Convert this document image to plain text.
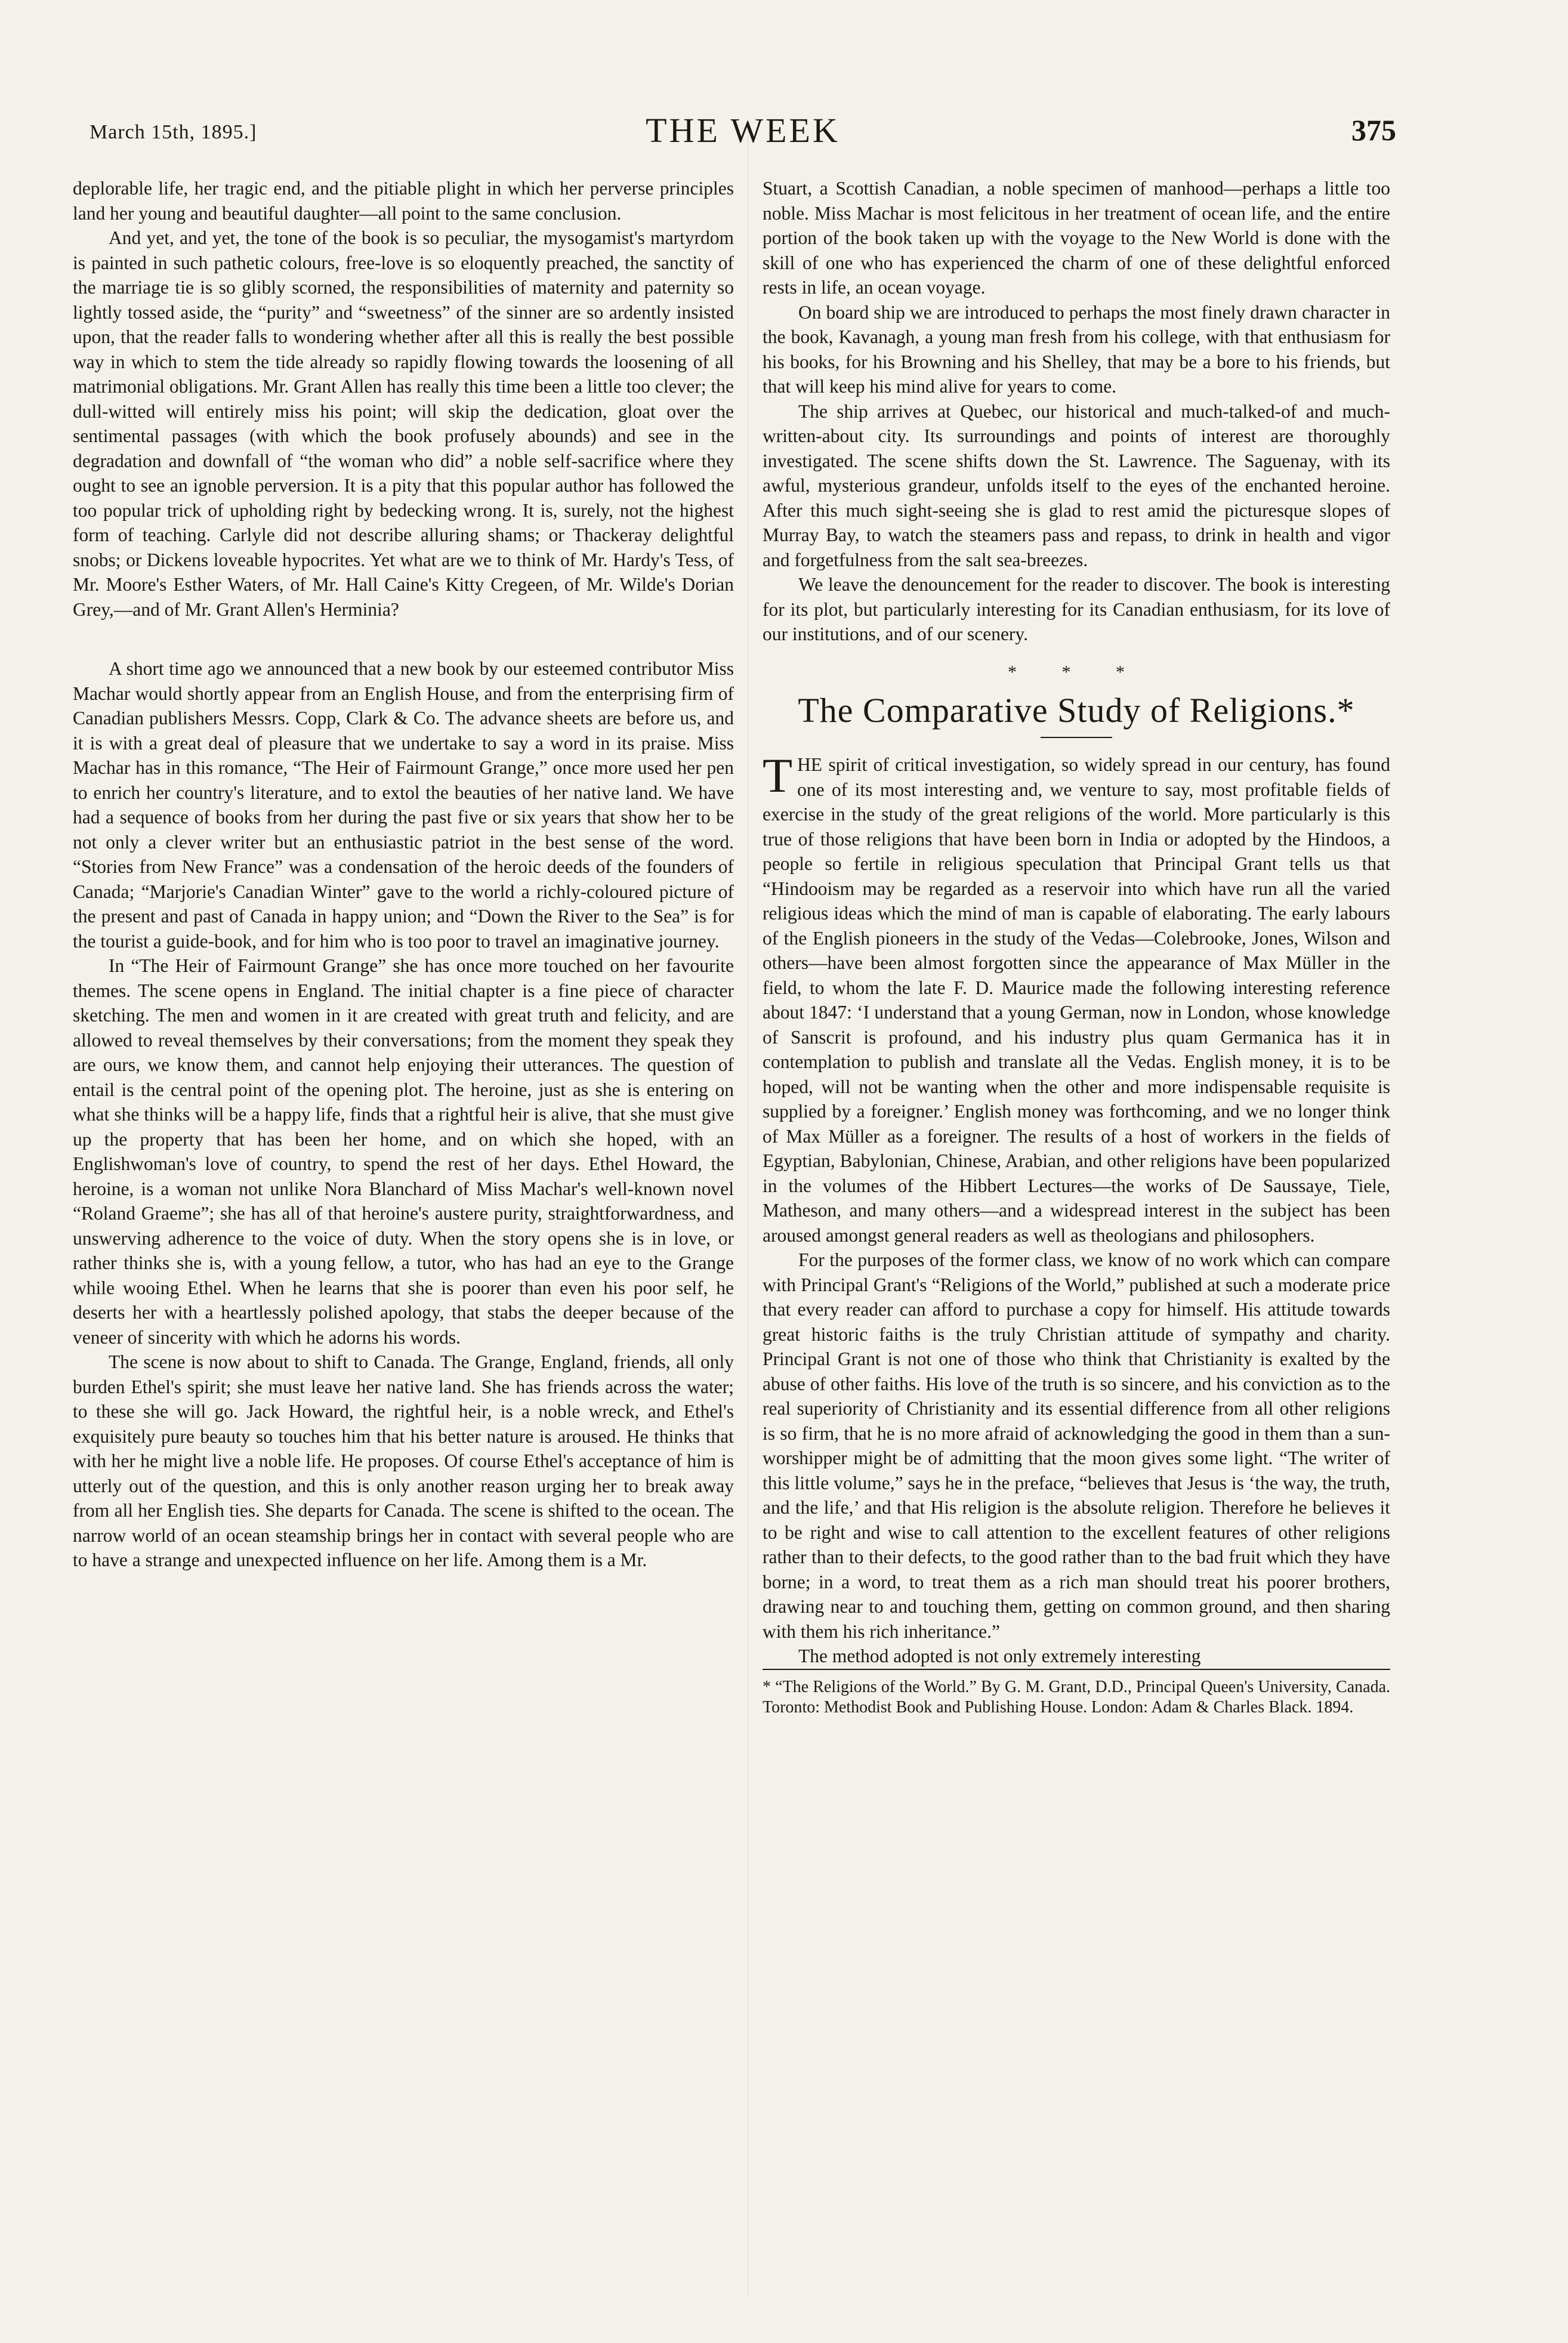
March 15th, 1895.]	THE WEEK	375

deplorable life, her tragic end, and the pitiable plight in which her perverse principles land her young and beautiful daughter—all point to the same conclusion.

And yet, and yet, the tone of the book is so peculiar, the mysogamist's martyrdom is painted in such pathetic colours, free-love is so eloquently preached, the sanctity of the marriage tie is so glibly scorned, the responsibilities of maternity and paternity so lightly tossed aside, the “purity” and “sweetness” of the sinner are so ardently insisted upon, that the reader falls to wondering whether after all this is really the best possible way in which to stem the tide already so rapidly flowing towards the loosening of all matrimonial obligations. Mr. Grant Allen has really this time been a little too clever; the dull-witted will entirely miss his point; will skip the dedication, gloat over the sentimental passages (with which the book profusely abounds) and see in the degradation and downfall of “the woman who did” a noble self-sacrifice where they ought to see an ignoble perversion. It is a pity that this popular author has followed the too popular trick of upholding right by bedecking wrong. It is, surely, not the highest form of teaching. Carlyle did not describe alluring shams; or Thackeray delightful snobs; or Dickens loveable hypocrites. Yet what are we to think of Mr. Hardy's Tess, of Mr. Moore's Esther Waters, of Mr. Hall Caine's Kitty Cregeen, of Mr. Wilde's Dorian Grey,—and of Mr. Grant Allen's Herminia?

A short time ago we announced that a new book by our esteemed contributor Miss Machar would shortly appear from an English House, and from the enterprising firm of Canadian publishers Messrs. Copp, Clark & Co. The advance sheets are before us, and it is with a great deal of pleasure that we undertake to say a word in its praise. Miss Machar has in this romance, “The Heir of Fairmount Grange,” once more used her pen to enrich her country's literature, and to extol the beauties of her native land. We have had a sequence of books from her during the past five or six years that show her to be not only a clever writer but an enthusiastic patriot in the best sense of the word. “Stories from New France” was a condensation of the heroic deeds of the founders of Canada; “Marjorie's Canadian Winter” gave to the world a richly-coloured picture of the present and past of Canada in happy union; and “Down the River to the Sea” is for the tourist a guide-book, and for him who is too poor to travel an imaginative journey.

In “The Heir of Fairmount Grange” she has once more touched on her favourite themes. The scene opens in England. The initial chapter is a fine piece of character sketching. The men and women in it are created with great truth and felicity, and are allowed to reveal themselves by their conversations; from the moment they speak they are ours, we know them, and cannot help enjoying their utterances. The question of entail is the central point of the opening plot. The heroine, just as she is entering on what she thinks will be a happy life, finds that a rightful heir is alive, that she must give up the property that has been her home, and on which she hoped, with an Englishwoman's love of country, to spend the rest of her days. Ethel Howard, the heroine, is a woman not unlike Nora Blanchard of Miss Machar's well-known novel “Roland Graeme”; she has all of that heroine's austere purity, straightforwardness, and unswerving adherence to the voice of duty. When the story opens she is in love, or rather thinks she is, with a young fellow, a tutor, who has had an eye to the Grange while wooing Ethel. When he learns that she is poorer than even his poor self, he deserts her with a heartlessly polished apology, that stabs the deeper because of the veneer of sincerity with which he adorns his words.

The scene is now about to shift to Canada. The Grange, England, friends, all only burden Ethel's spirit; she must leave her native land. She has friends across the water; to these she will go. Jack Howard, the rightful heir, is a noble wreck, and Ethel's exquisitely pure beauty so touches him that his better nature is aroused. He thinks that with her he might live a noble life. He proposes. Of course Ethel's acceptance of him is utterly out of the question, and this is only another reason urging her to break away from all her English ties. She departs for Canada. The scene is shifted to the ocean. The narrow world of an ocean steamship brings her in contact with several people who are to have a strange and unexpected influence on her life. Among them is a Mr.

Stuart, a Scottish Canadian, a noble specimen of manhood—perhaps a little too noble. Miss Machar is most felicitous in her treatment of ocean life, and the entire portion of the book taken up with the voyage to the New World is done with the skill of one who has experienced the charm of one of these delightful enforced rests in life, an ocean voyage.

On board ship we are introduced to perhaps the most finely drawn character in the book, Kavanagh, a young man fresh from his college, with that enthusiasm for his books, for his Browning and his Shelley, that may be a bore to his friends, but that will keep his mind alive for years to come.

The ship arrives at Quebec, our historical and much-talked-of and much-written-about city. Its surroundings and points of interest are thoroughly investigated. The scene shifts down the St. Lawrence. The Saguenay, with its awful, mysterious grandeur, unfolds itself to the eyes of the enchanted heroine. After this much sight-seeing she is glad to rest amid the picturesque slopes of Murray Bay, to watch the steamers pass and repass, to drink in health and vigor and forgetfulness from the salt sea-breezes.

We leave the denouncement for the reader to discover. The book is interesting for its plot, but particularly interesting for its Canadian enthusiasm, for its love of our institutions, and of our scenery.

* * *
The Comparative Study of Religions.*

THE spirit of critical investigation, so widely spread in our century, has found one of its most interesting and, we venture to say, most profitable fields of exercise in the study of the great religions of the world. More particularly is this true of those religions that have been born in India or adopted by the Hindoos, a people so fertile in religious speculation that Principal Grant tells us that “Hindooism may be regarded as a reservoir into which have run all the varied religious ideas which the mind of man is capable of elaborating. The early labours of the English pioneers in the study of the Vedas—Colebrooke, Jones, Wilson and others—have been almost forgotten since the appearance of Max Müller in the field, to whom the late F. D. Maurice made the following interesting reference about 1847: ‘I understand that a young German, now in London, whose knowledge of Sanscrit is profound, and his industry plus quam Germanica has it in contemplation to publish and translate all the Vedas. English money, it is to be hoped, will not be wanting when the other and more indispensable requisite is supplied by a foreigner.’ English money was forthcoming, and we no longer think of Max Müller as a foreigner. The results of a host of workers in the fields of Egyptian, Babylonian, Chinese, Arabian, and other religions have been popularized in the volumes of the Hibbert Lectures—the works of De Saussaye, Tiele, Matheson, and many others—and a widespread interest in the subject has been aroused amongst general readers as well as theologians and philosophers.

For the purposes of the former class, we know of no work which can compare with Principal Grant's “Religions of the World,” published at such a moderate price that every reader can afford to purchase a copy for himself. His attitude towards great historic faiths is the truly Christian attitude of sympathy and charity. Principal Grant is not one of those who think that Christianity is exalted by the abuse of other faiths. His love of the truth is so sincere, and his conviction as to the real superiority of Christianity and its essential difference from all other religions is so firm, that he is no more afraid of acknowledging the good in them than a sun-worshipper might be of admitting that the moon gives some light. “The writer of this little volume,” says he in the preface, “believes that Jesus is ‘the way, the truth, and the life,’ and that His religion is the absolute religion. Therefore he believes it to be right and wise to call attention to the excellent features of other religions rather than to their defects, to the good rather than to the bad fruit which they have borne; in a word, to treat them as a rich man should treat his poorer brothers, drawing near to and touching them, getting on common ground, and then sharing with them his rich inheritance.”

The method adopted is not only extremely interesting

* “The Religions of the World.” By G. M. Grant, D.D., Principal Queen's University, Canada. Toronto: Methodist Book and Publishing House. London: Adam & Charles Black. 1894.
